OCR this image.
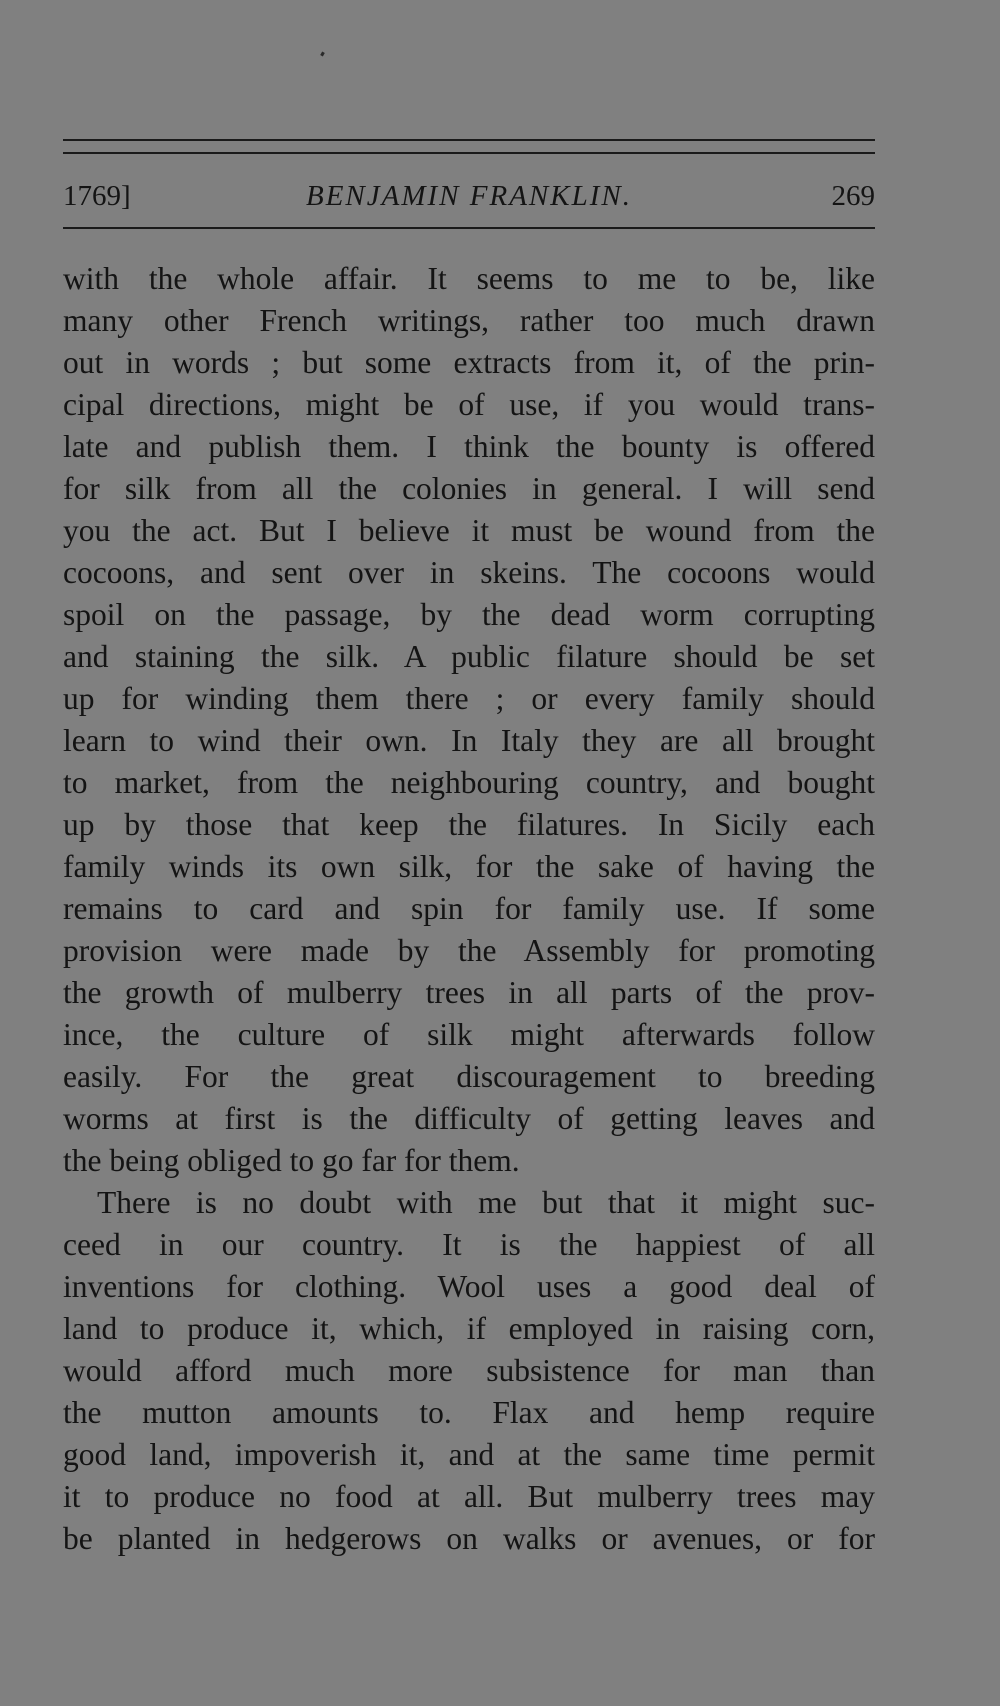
1769]	BENJAMIN FRANKLIN.	269
with the whole affair. It seems to me to be, like
many other French writings, rather too much drawn
out in words ; but some extracts from it, of the prin-
cipal directions, might be of use, if you would trans-
late and publish them. I think the bounty is offered
for silk from all the colonies in general. I will send
you the act. But I believe it must be wound from the
cocoons, and sent over in skeins. The cocoons would
spoil on the passage, by the dead worm corrupting
and staining the silk. A public filature should be set
up for winding them there ; or every family should
learn to wind their own. In Italy they are all brought
to market, from the neighbouring country, and bought
up by those that keep the filatures. In Sicily each
family winds its own silk, for the sake of having the
remains to card and spin for family use. If some
provision were made by the Assembly for promoting
the growth of mulberry trees in all parts of the prov-
ince, the culture of silk might afterwards follow
easily. For the great discouragement to breeding
worms at first is the difficulty of getting leaves and
the being obliged to go far for them.
There is no doubt with me but that it might suc-
ceed in our country. It is the happiest of all
inventions for clothing. Wool uses a good deal of
land to produce it, which, if employed in raising corn,
would afford much more subsistence for man than
the mutton amounts to. Flax and hemp require
good land, impoverish it, and at the same time permit
it to produce no food at all. But mulberry trees may
be planted in hedgerows on walks or avenues, or for
